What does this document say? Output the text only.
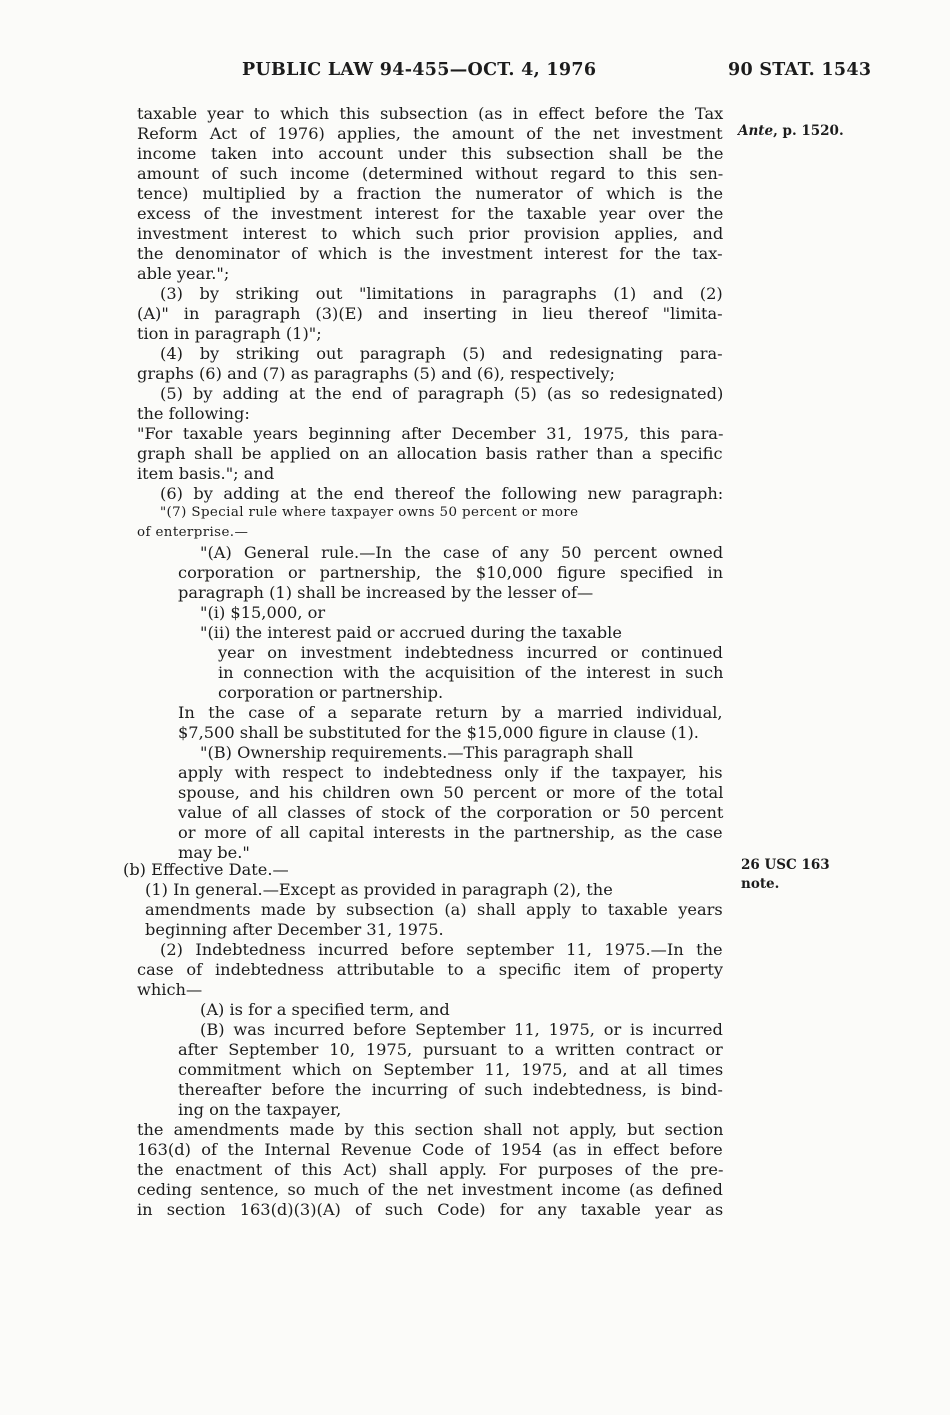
PUBLIC LAW 94-455—OCT. 4, 1976	90 STAT. 1543
Ante, p. 1520.
26 USC 163
note.
taxable year to which this subsection (as in effect before the Tax
Reform Act of 1976) applies, the amount of the net investment
income taken into account under this subsection shall be the
amount of such income (determined without regard to this sen-
tence) multiplied by a fraction the numerator of which is the
excess of the investment interest for the taxable year over the
investment interest to which such prior provision applies, and
the denominator of which is the investment interest for the tax-
able year.";
(3) by striking out "limitations in paragraphs (1) and (2)
(A)" in paragraph (3)(E) and inserting in lieu thereof "limita-
tion in paragraph (1)";
(4) by striking out paragraph (5) and redesignating para-
graphs (6) and (7) as paragraphs (5) and (6), respectively;
(5) by adding at the end of paragraph (5) (as so redesignated)
the following:
"For taxable years beginning after December 31, 1975, this para-
graph shall be applied on an allocation basis rather than a specific
item basis."; and
(6) by adding at the end thereof the following new paragraph:
"(7) Special rule where taxpayer owns 50 percent or more
of enterprise.—
"(A) General rule.—In the case of any 50 percent owned
corporation or partnership, the $10,000 figure specified in
paragraph (1) shall be increased by the lesser of—
"(i) $15,000, or
"(ii) the interest paid or accrued during the taxable
year on investment indebtedness incurred or continued
in connection with the acquisition of the interest in such
corporation or partnership.
In the case of a separate return by a married individual,
$7,500 shall be substituted for the $15,000 figure in clause (1).
"(B) Ownership requirements.—This paragraph shall
apply with respect to indebtedness only if the taxpayer, his
spouse, and his children own 50 percent or more of the total
value of all classes of stock of the corporation or 50 percent
or more of all capital interests in the partnership, as the case
may be."
(b) Effective Date.—
(1) In general.—Except as provided in paragraph (2), the
amendments made by subsection (a) shall apply to taxable years
beginning after December 31, 1975.
(2) Indebtedness incurred before september 11, 1975.—In the
case of indebtedness attributable to a specific item of property
which—
(A) is for a specified term, and
(B) was incurred before September 11, 1975, or is incurred
after September 10, 1975, pursuant to a written contract or
commitment which on September 11, 1975, and at all times
thereafter before the incurring of such indebtedness, is bind-
ing on the taxpayer,
the amendments made by this section shall not apply, but section
163(d) of the Internal Revenue Code of 1954 (as in effect before
the enactment of this Act) shall apply. For purposes of the pre-
ceding sentence, so much of the net investment income (as defined
in section 163(d)(3)(A) of such Code) for any taxable year as
